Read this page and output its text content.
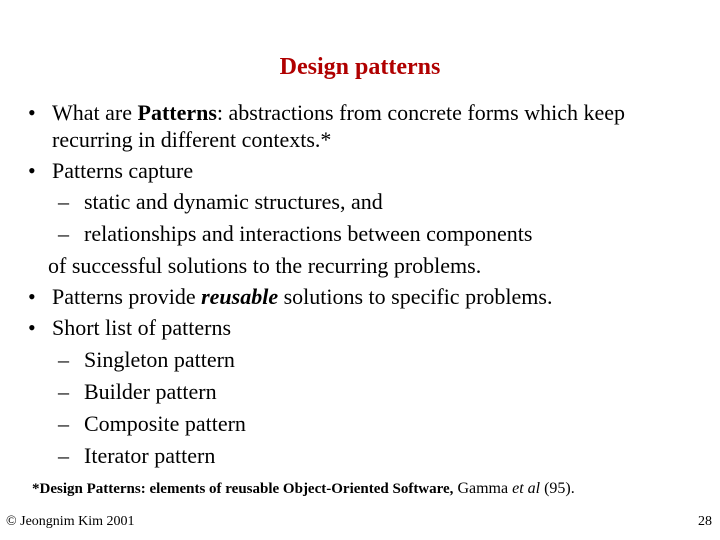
Design patterns
• What are Patterns: abstractions from concrete forms which keep
recurring in different contexts.*
• Patterns capture
– static and dynamic structures, and
– relationships and interactions between components
of successful solutions to the recurring problems.
• Patterns provide reusable solutions to specific problems.
• Short list of patterns
– Singleton pattern
– Builder pattern
– Composite pattern
– Iterator pattern
*Design Patterns: elements of reusable Object-Oriented Software, Gamma et al (95).
© Jeongnim Kim 2001	28
